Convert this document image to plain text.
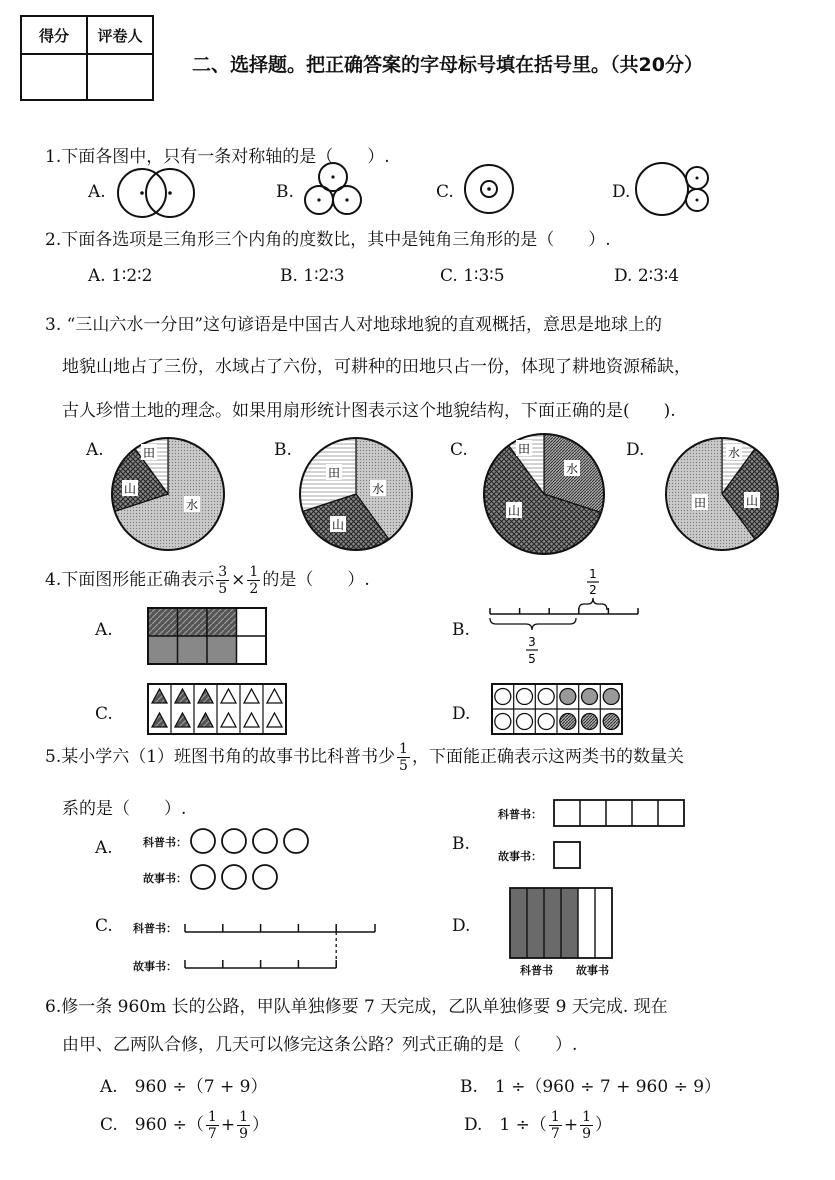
得分	评卷人

二、选择题。把正确答案的字母标号填在括号里。（共20分）
1.下面各图中，只有一条对称轴的是（　　）.
A.	B.	C.	D.
2.下面各选项是三角形三个内角的度数比，其中是钝角三角形的是（　　）.
A. 1∶2∶2	B. 1∶2∶3	C. 1∶3∶5	D. 2∶3∶4
3. “三山六水一分田”这句谚语是中国古人对地球地貌的直观概括，意思是地球上的
地貌山地占了三份，水域占了六份，可耕种的田地只占一份，体现了耕地资源稀缺，
古人珍惜土地的理念。如果用扇形统计图表示这个地貌结构，下面正确的是(　　).
A.	田
山
水
B.
田
山
水
C.	田
水
山
D.	水
山
田
4.下面图形能正确表示 $\frac{3}{5} \times \frac{1}{2}$ 的是（　　）.
A.	B.
1
2
3
5
C.	D.
5.某小学六（1）班图书角的故事书比科普书少 $\frac{1}{5}$ ，下面能正确表示这两类书的数量关
系的是（　　）.
A.	科普书：
故事书：
B.
科普书：
故事书：
C. 科普书：
故事书：
D.
科普书 故事书
6.修一条 960m 长的公路，甲队单独修要 7 天完成，乙队单独修要 9 天完成. 现在
由甲、乙两队合修，几天可以修完这条公路？列式正确的是（　　）.
A.　960 ÷（7 + 9）	B.　1 ÷（960 ÷ 7 + 960 ÷ 9）
C.　960 ÷（ $\frac{1}{7} + \frac{1}{9}$ ）	D.　1 ÷（ $\frac{1}{7} + \frac{1}{9}$ ）
